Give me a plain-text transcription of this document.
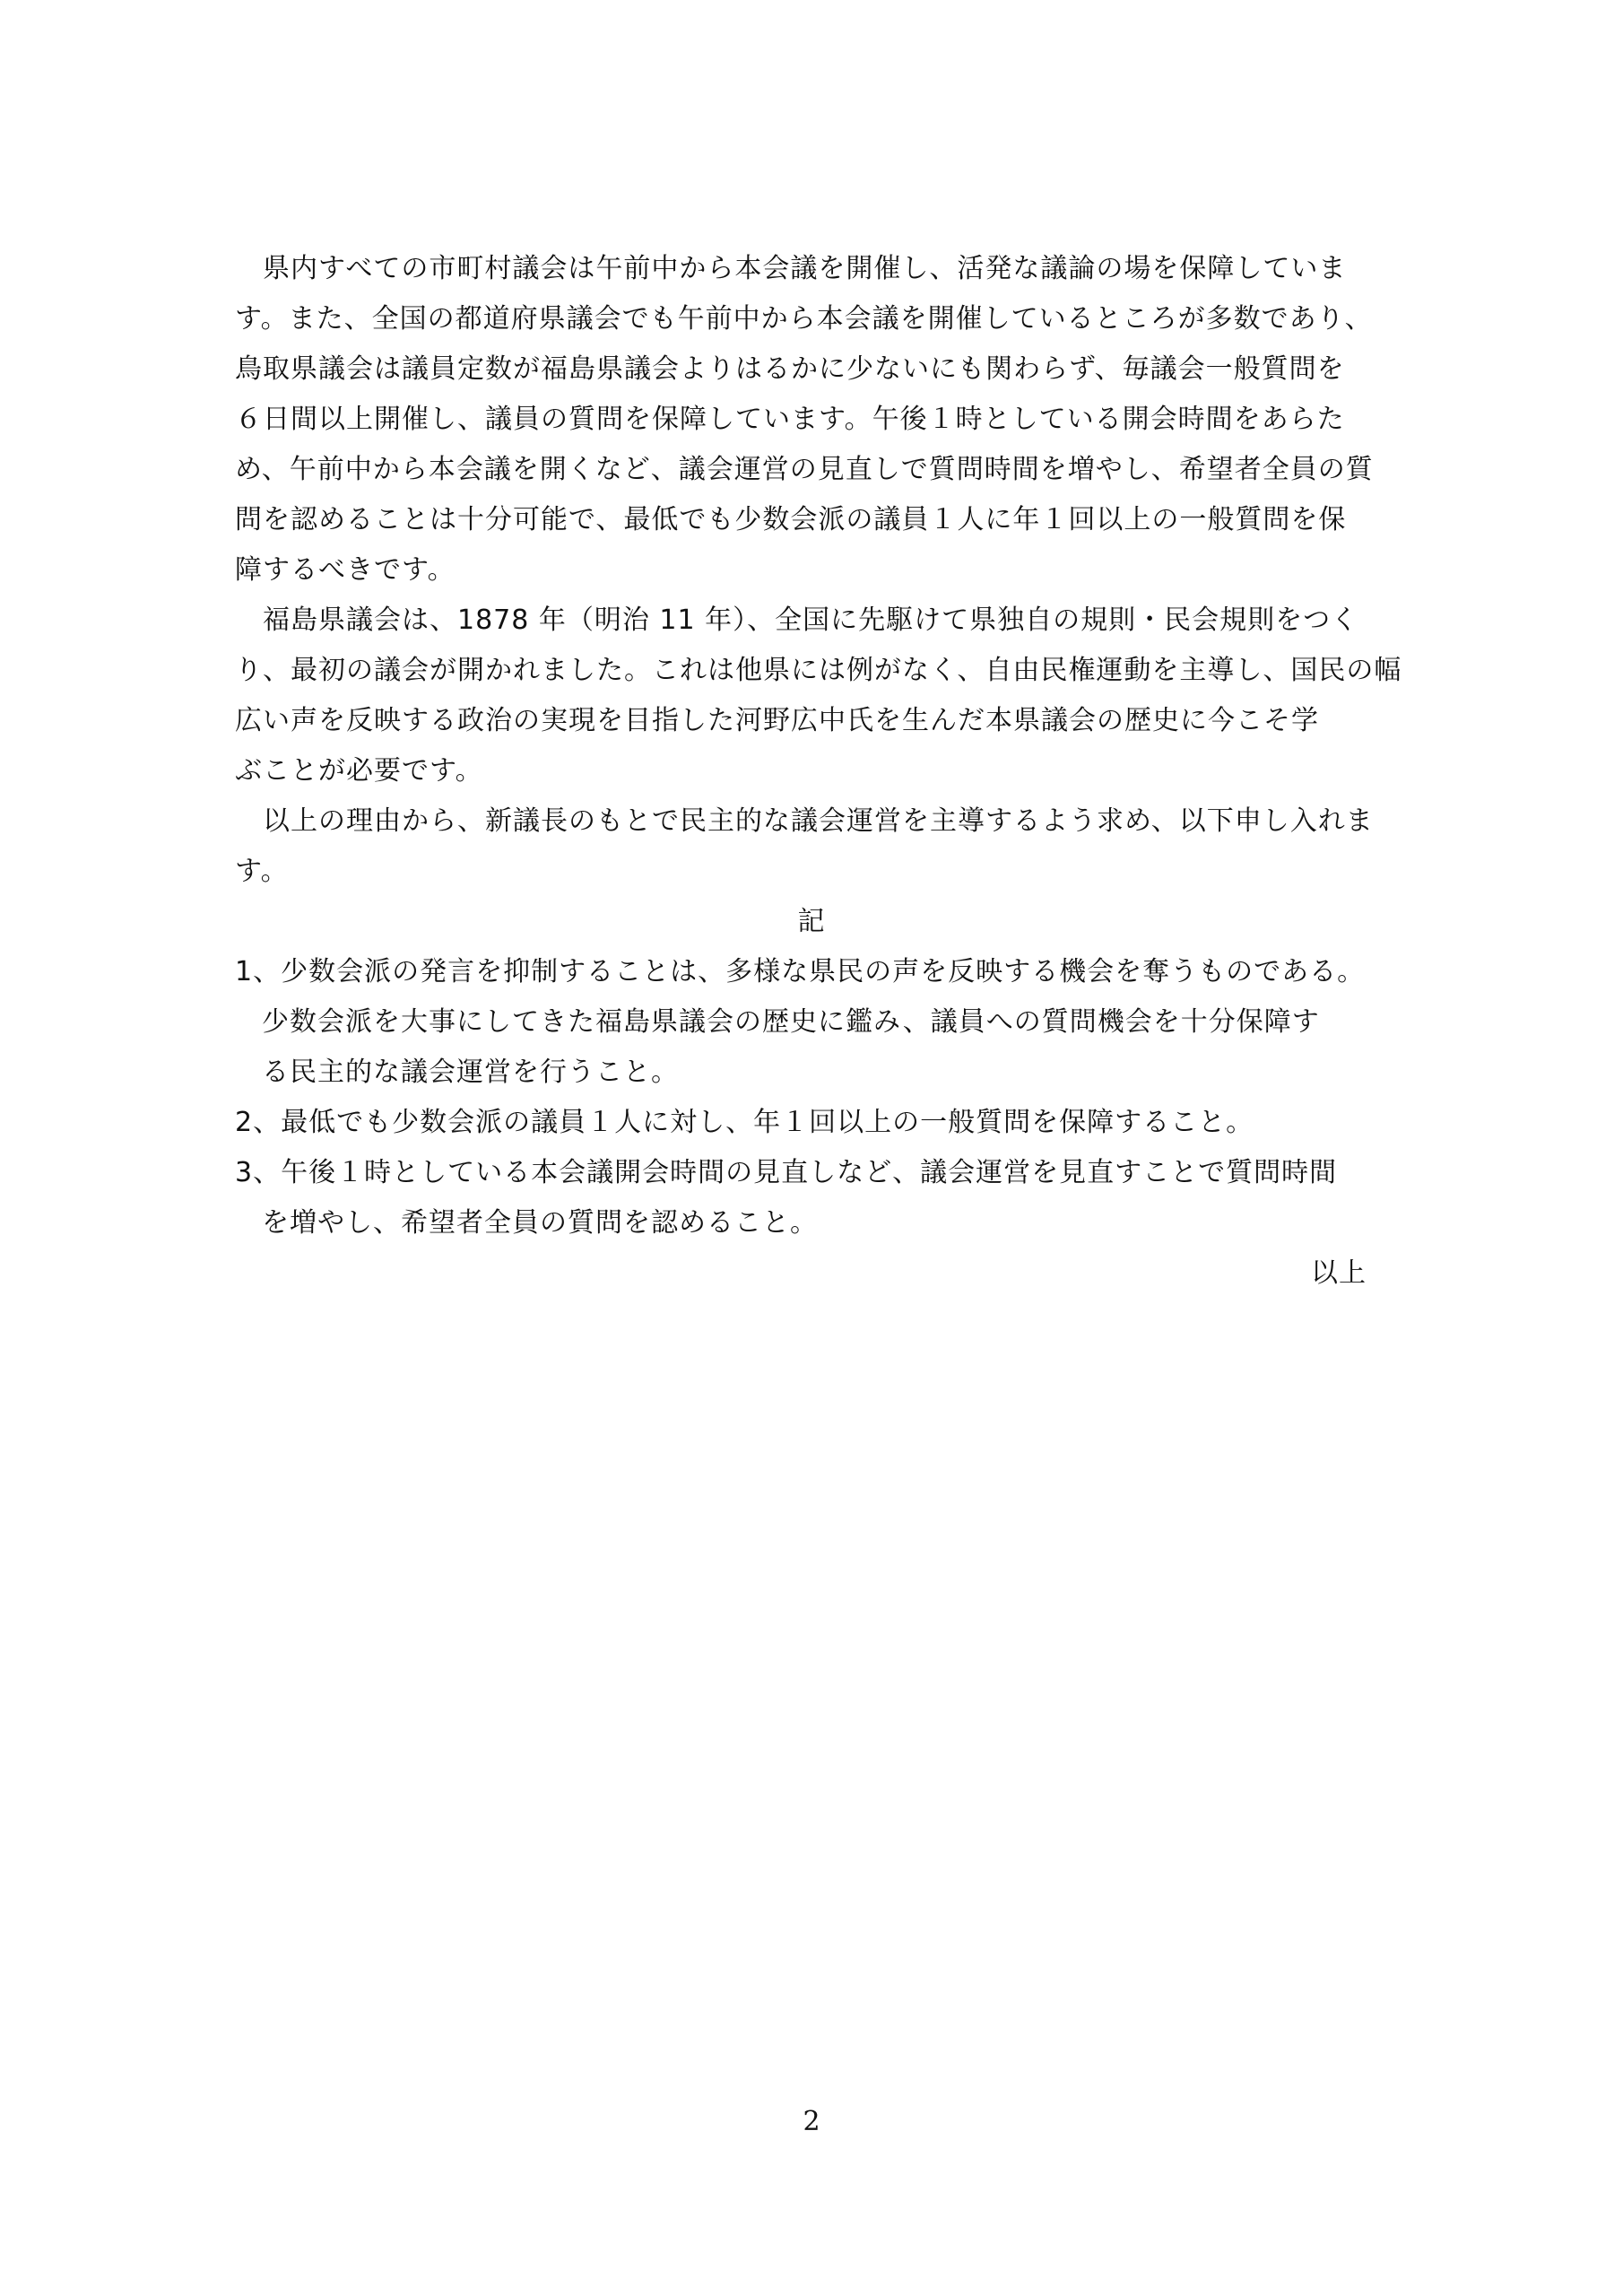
　県内すべての市町村議会は午前中から本会議を開催し、活発な議論の場を保障していま
す。また、全国の都道府県議会でも午前中から本会議を開催しているところが多数であり、
鳥取県議会は議員定数が福島県議会よりはるかに少ないにも関わらず、毎議会一般質問を
６日間以上開催し、議員の質問を保障しています。午後１時としている開会時間をあらた
め、午前中から本会議を開くなど、議会運営の見直しで質問時間を増やし、希望者全員の質
問を認めることは十分可能で、最低でも少数会派の議員１人に年１回以上の一般質問を保
障するべきです。
　福島県議会は、1878 年（明治 11 年）、全国に先駆けて県独自の規則・民会規則をつく
り、最初の議会が開かれました。これは他県には例がなく、自由民権運動を主導し、国民の幅
広い声を反映する政治の実現を目指した河野広中氏を生んだ本県議会の歴史に今こそ学
ぶことが必要です。
　以上の理由から、新議長のもとで民主的な議会運営を主導するよう求め、以下申し入れま
す。
記
1、少数会派の発言を抑制することは、多様な県民の声を反映する機会を奪うものである。
少数会派を大事にしてきた福島県議会の歴史に鑑み、議員への質問機会を十分保障す
る民主的な議会運営を行うこと。
2、最低でも少数会派の議員１人に対し、年１回以上の一般質問を保障すること。
3、午後１時としている本会議開会時間の見直しなど、議会運営を見直すことで質問時間
を増やし、希望者全員の質問を認めること。
以上
2
